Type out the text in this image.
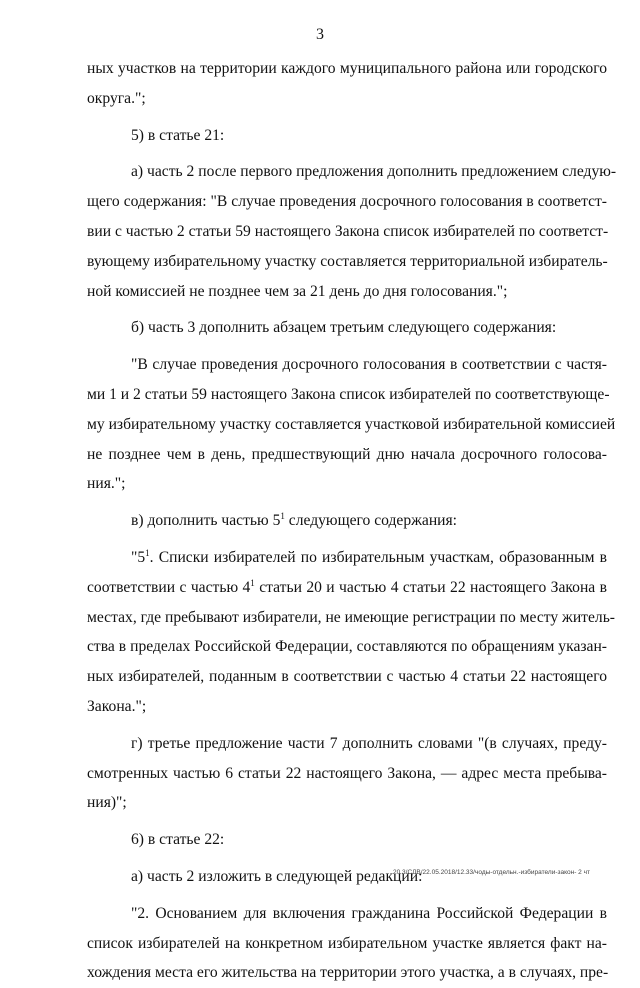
3
ных участков на территории каждого муниципального района или городского
округа.";
5) в статье 21:
а) часть 2 после первого предложения дополнить предложением следую-
щего содержания: "В случае проведения досрочного голосования в соответст-
вии с частью 2 статьи 59 настоящего Закона список избирателей по соответст-
вующему избирательному участку составляется территориальной избиратель-
ной комиссией не позднее чем за 21 день до дня голосования.";
б) часть 3 дополнить абзацем третьим следующего содержания:
"В случае проведения досрочного голосования в соответствии с частя-
ми 1 и 2 статьи 59 настоящего Закона список избирателей по соответствующе-
му избирательному участку составляется участковой избирательной комиссией
не позднее чем в день, предшествующий дню начала досрочного голосова-
ния.";
в) дополнить частью $5^1$ следующего содержания:
"$5^1$. Списки избирателей по избирательным участкам, образованным в
соответствии с частью $4^1$ статьи 20 и частью 4 статьи 22 настоящего Закона в
местах, где пребывают избиратели, не имеющие регистрации по месту житель-
ства в пределах Российской Федерации, составляются по обращениям указан-
ных избирателей, поданным в соответствии с частью 4 статьи 22 настоящего
Закона.";
г) третье предложение части 7 дополнить словами "(в случаях, преду-
смотренных частью 6 статьи 22 настоящего Закона, — адрес места пребыва-
ния)";
6) в статье 22:
а) часть 2 изложить в следующей редакции:
"2. Основанием для включения гражданина Российской Федерации в
список избирателей на конкретном избирательном участке является факт на-
хождения места его жительства на территории этого участка, а в случаях, пре-
20 3/СДВ/22.05.2018/12.33/чоды-отдельн.-избиратели-закон- 2 чт
